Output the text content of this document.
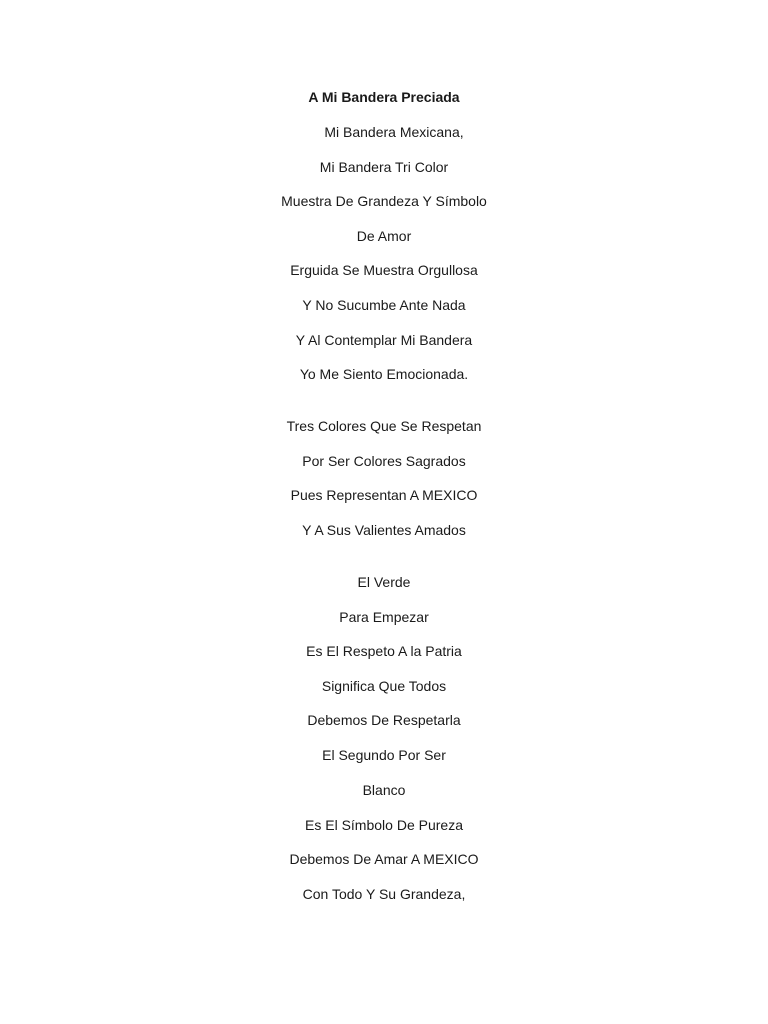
A Mi Bandera Preciada
Mi Bandera Mexicana,
Mi Bandera Tri Color
Muestra De Grandeza Y Símbolo
De Amor
Erguida Se Muestra Orgullosa
Y No Sucumbe Ante Nada
Y Al Contemplar Mi Bandera
Yo Me Siento Emocionada.
Tres Colores Que Se Respetan
Por Ser Colores Sagrados
Pues Representan A MEXICO
Y A Sus Valientes Amados
El Verde
Para Empezar
Es El Respeto A la Patria
Significa Que Todos
Debemos De Respetarla
El Segundo Por Ser
Blanco
Es El Símbolo De Pureza
Debemos De Amar A MEXICO
Con Todo Y Su Grandeza,
